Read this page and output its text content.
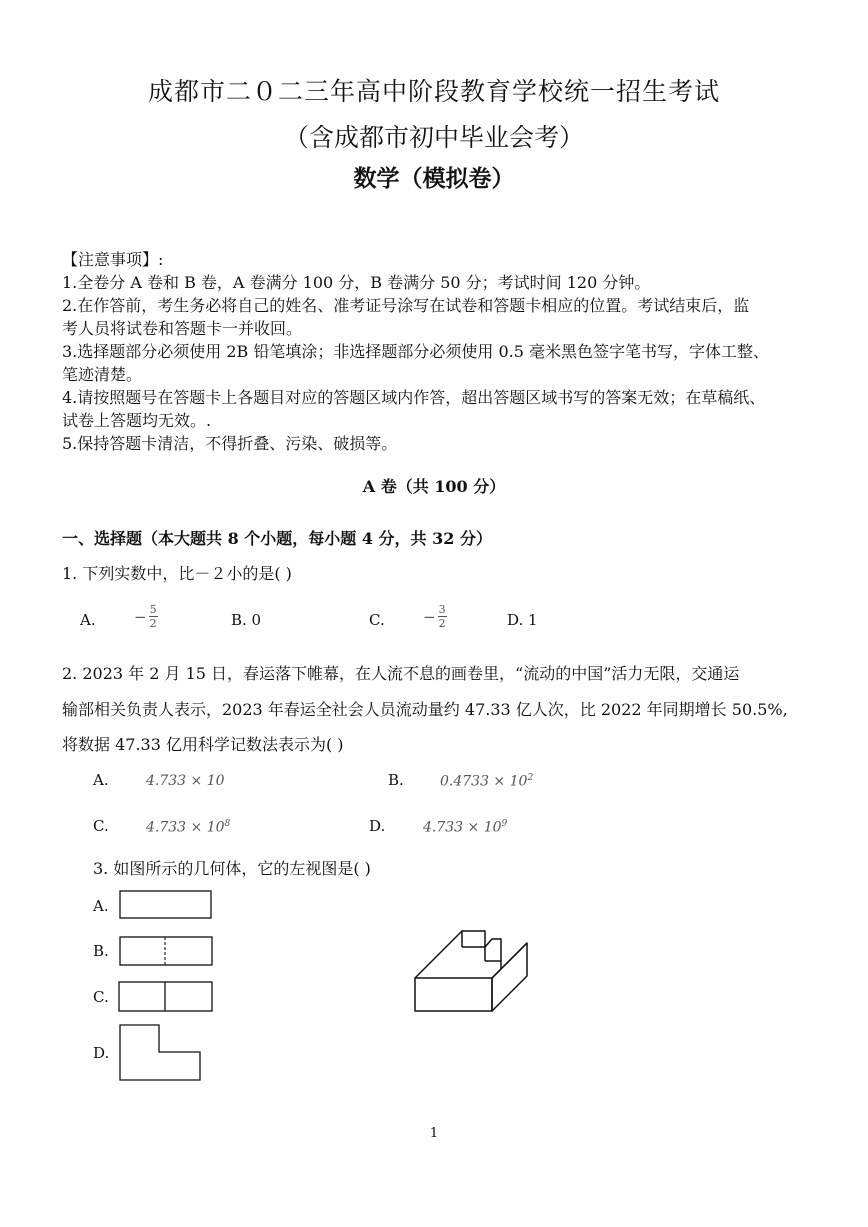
成都市二０二三年高中阶段教育学校统一招生考试
（含成都市初中毕业会考）
数学（模拟卷）
【注意事项】:
1.全卷分 A 卷和 B 卷，A 卷满分 100 分，B 卷满分 50 分；考试时间 120 分钟。
2.在作答前，考生务必将自己的姓名、准考证号涂写在试卷和答题卡相应的位置。考试结束后，监
考人员将试卷和答题卡一并收回。
3.选择题部分必须使用 2B 铅笔填涂；非选择题部分必须使用 0.5 毫米黑色签字笔书写，字体工整、
笔迹清楚。
4.请按照题号在答题卡上各题目对应的答题区域内作答，超出答题区域书写的答案无效；在草稿纸、
试卷上答题均无效。.
5.保持答题卡清洁，不得折叠、污染、破损等。
A 卷（共 100 分）
一、选择题（本大题共 8 个小题，每小题 4 分，共 32 分）
1. 下列实数中，比－２小的是( )
A.	− $\frac{5}{2}$	B. 0	C.	− $\frac{3}{2}$	D. 1
2. 2023 年 2 月 15 日，春运落下帷幕，在人流不息的画卷里，“流动的中国”活力无限，交通运
输部相关负责人表示，2023 年春运全社会人员流动量约 47.33 亿人次，比 2022 年同期增长 50.5%,
将数据 47.33 亿用科学记数法表示为( )
A.	4.733 × 10	B.	$0.4733 \times 10^2$
C.	$4.733 \times 10^8$	D.	$4.733 \times 10^9$
3. 如图所示的几何体，它的左视图是( )
A.
B.
C.
D.
1
